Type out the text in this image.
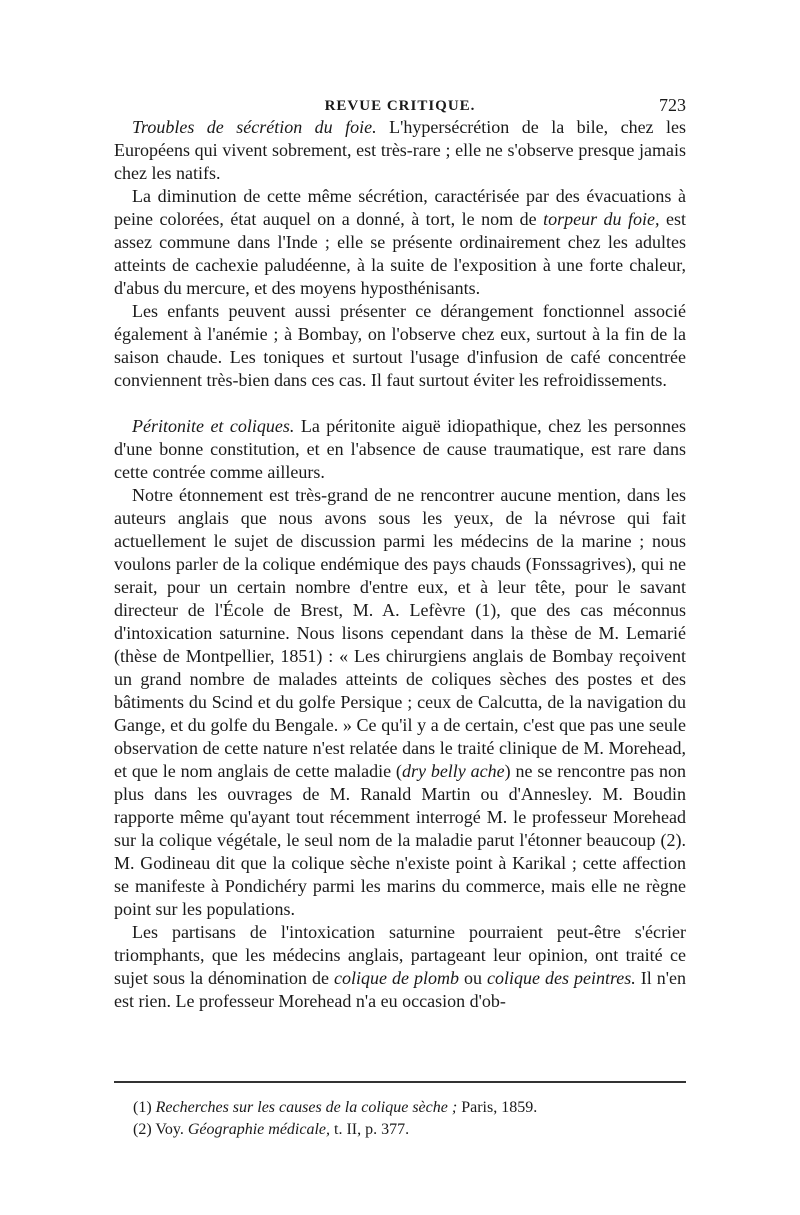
REVUE CRITIQUE.	723

Troubles de sécrétion du foie. L'hypersécrétion de la bile, chez les Européens qui vivent sobrement, est très-rare ; elle ne s'observe presque jamais chez les natifs.

La diminution de cette même sécrétion, caractérisée par des évacuations à peine colorées, état auquel on a donné, à tort, le nom de torpeur du foie, est assez commune dans l'Inde ; elle se présente ordinairement chez les adultes atteints de cachexie paludéenne, à la suite de l'exposition à une forte chaleur, d'abus du mercure, et des moyens hyposthénisants.

Les enfants peuvent aussi présenter ce dérangement fonctionnel associé également à l'anémie ; à Bombay, on l'observe chez eux, surtout à la fin de la saison chaude. Les toniques et surtout l'usage d'infusion de café concentrée conviennent très-bien dans ces cas. Il faut surtout éviter les refroidissements.

Péritonite et coliques. La péritonite aiguë idiopathique, chez les personnes d'une bonne constitution, et en l'absence de cause traumatique, est rare dans cette contrée comme ailleurs.

Notre étonnement est très-grand de ne rencontrer aucune mention, dans les auteurs anglais que nous avons sous les yeux, de la névrose qui fait actuellement le sujet de discussion parmi les médecins de la marine ; nous voulons parler de la colique endémique des pays chauds (Fonssagrives), qui ne serait, pour un certain nombre d'entre eux, et à leur tête, pour le savant directeur de l'École de Brest, M. A. Lefèvre (1), que des cas méconnus d'intoxication saturnine. Nous lisons cependant dans la thèse de M. Lemarié (thèse de Montpellier, 1851) : « Les chirurgiens anglais de Bombay reçoivent un grand nombre de malades atteints de coliques sèches des postes et des bâtiments du Scind et du golfe Persique ; ceux de Calcutta, de la navigation du Gange, et du golfe du Bengale. » Ce qu'il y a de certain, c'est que pas une seule observation de cette nature n'est relatée dans le traité clinique de M. Morehead, et que le nom anglais de cette maladie (dry belly ache) ne se rencontre pas non plus dans les ouvrages de M. Ranald Martin ou d'Annesley. M. Boudin rapporte même qu'ayant tout récemment interrogé M. le professeur Morehead sur la colique végétale, le seul nom de la maladie parut l'étonner beaucoup (2). M. Godineau dit que la colique sèche n'existe point à Karikal ; cette affection se manifeste à Pondichéry parmi les marins du commerce, mais elle ne règne point sur les populations.

Les partisans de l'intoxication saturnine pourraient peut-être s'écrier triomphants, que les médecins anglais, partageant leur opinion, ont traité ce sujet sous la dénomination de colique de plomb ou colique des peintres. Il n'en est rien. Le professeur Morehead n'a eu occasion d'ob-

(1) Recherches sur les causes de la colique sèche ; Paris, 1859.
(2) Voy. Géographie médicale, t. II, p. 377.
